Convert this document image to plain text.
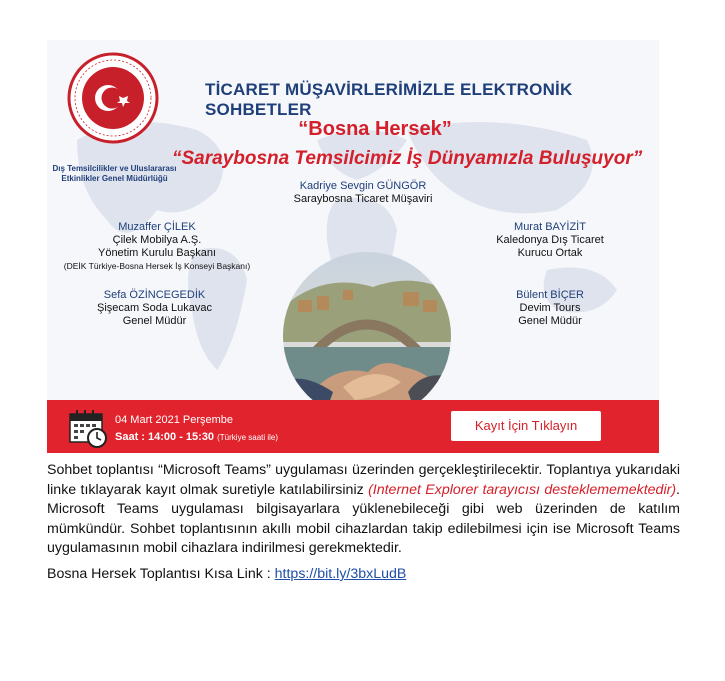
Dış Temsilcilikler ve Uluslararası
Etkinlikler Genel Müdürlüğü
TİCARET MÜŞAVİRLERİMİZLE ELEKTRONİK SOHBETLER
“Bosna Hersek”
“Saraybosna Temsilcimiz İş Dünyamızla Buluşuyor”
Kadriye Sevgin GÜNGÖR
Saraybosna Ticaret Müşaviri
Muzaffer ÇİLEK
Çilek Mobilya A.Ş.
Yönetim Kurulu Başkanı
(DEİK Türkiye-Bosna Hersek İş Konseyi Başkanı)
Sefa ÖZİNCEGEDİK
Şişecam Soda Lukavac
Genel Müdür
Murat BAYİZİT
Kaledonya Dış Ticaret
Kurucu Ortak
Bülent BİÇER
Devim Tours
Genel Müdür
04 Mart 2021 Perşembe
Saat : 14:00 - 15:30 (Türkiye saati ile)
Kayıt İçin Tıklayın
Sohbet toplantısı “Microsoft Teams” uygulaması üzerinden gerçekleştirilecektir. Toplantıya yukarıdaki linke tıklayarak kayıt olmak suretiyle katılabilirsiniz (Internet Explorer tarayıcısı desteklememektedir). Microsoft Teams uygulaması bilgisayarlara yüklenebileceği gibi web üzerinden de katılım mümkündür. Sohbet toplantısının akıllı mobil cihazlardan takip edilebilmesi için ise Microsoft Teams uygulamasının mobil cihazlara indirilmesi gerekmektedir.
Bosna Hersek Toplantısı Kısa Link : https://bit.ly/3bxLudB
